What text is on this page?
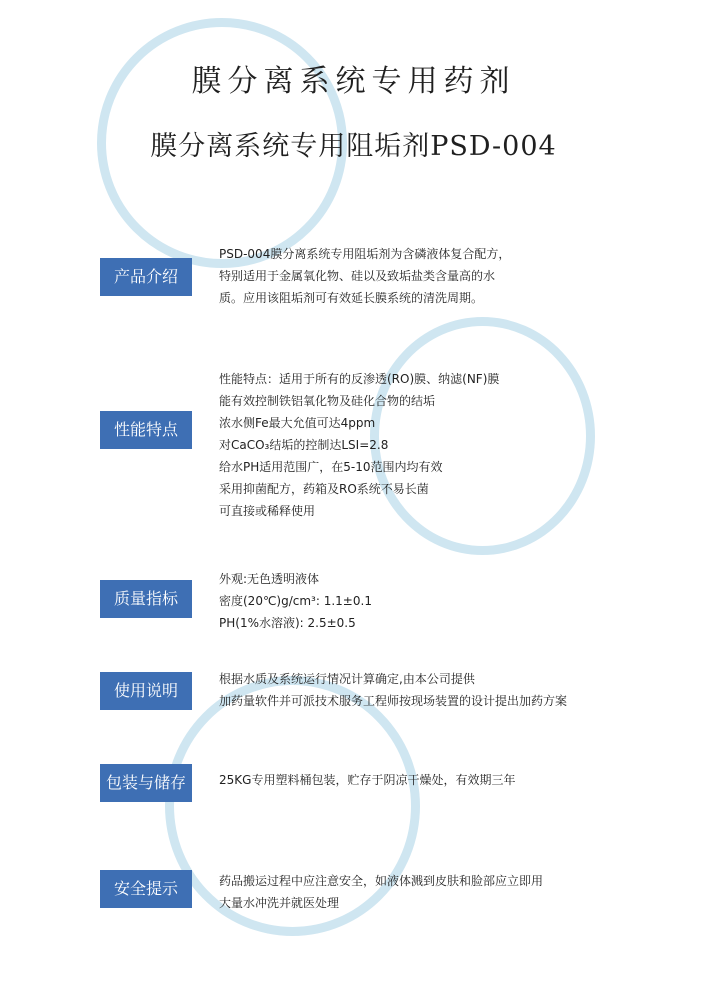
膜分离系统专用药剂
膜分离系统专用阻垢剂PSD-004
产品介绍
PSD-004膜分离系统专用阻垢剂为含磷液体复合配方，
特别适用于金属氧化物、硅以及致垢盐类含量高的水
质。应用该阻垢剂可有效延长膜系统的清洗周期。
性能特点
性能特点：适用于所有的反渗透(RO)膜、纳滤(NF)膜
能有效控制铁铝氧化物及硅化合物的结垢
浓水侧Fe最大允值可达4ppm
对CaCO₃结垢的控制达LSI=2.8
给水PH适用范围广，在5-10范围内均有效
采用抑菌配方，药箱及RO系统不易长菌
可直接或稀释使用
质量指标
外观:无色透明液体
密度(20℃)g/cm³: 1.1±0.1
PH(1%水溶液): 2.5±0.5
使用说明
根据水质及系统运行情况计算确定,由本公司提供
加药量软件并可派技术服务工程师按现场装置的设计提出加药方案
包装与储存	25KG专用塑料桶包装，贮存于阴凉干燥处，有效期三年
安全提示	药品搬运过程中应注意安全，如液体溅到皮肤和脸部应立即用
大量水冲洗并就医处理
